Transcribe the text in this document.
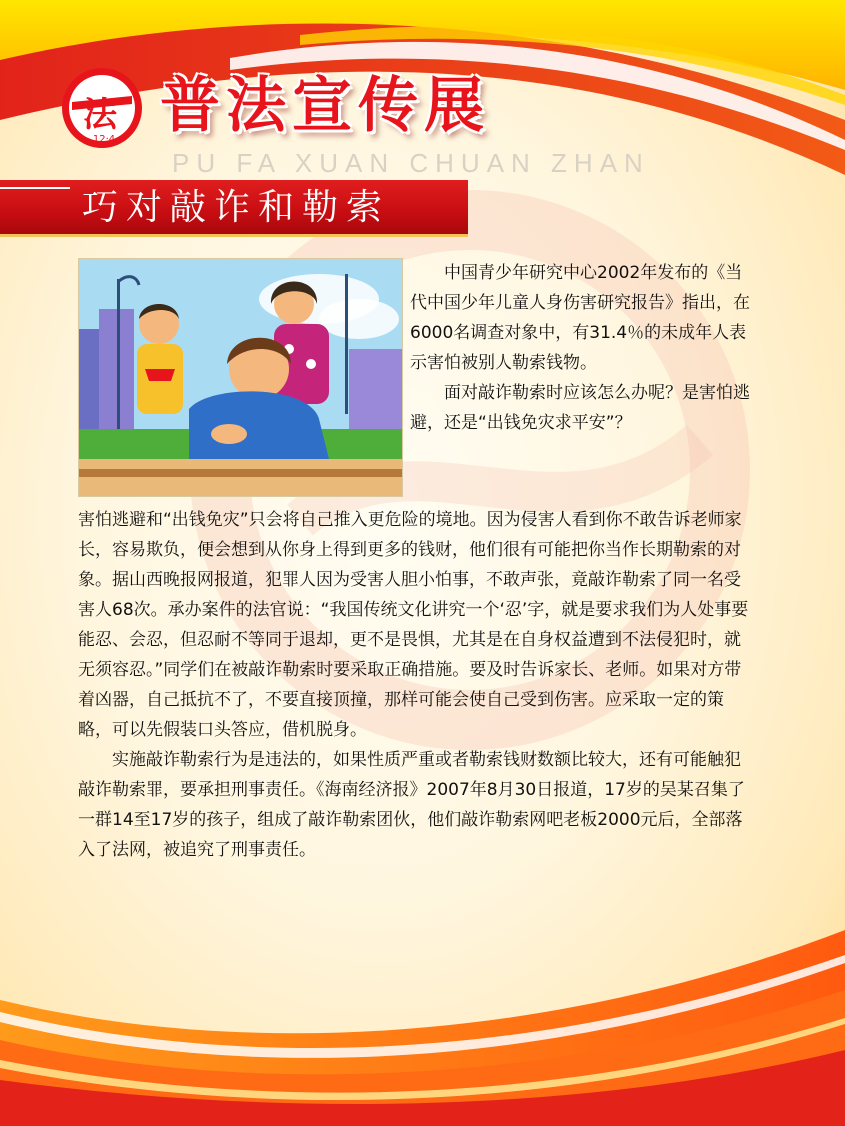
法
12·4 普法宣传展
PU FA XUAN CHUAN ZHAN
巧对敲诈和勒索

中国青少年研究中心2002年发布的《当代中国少年儿童人身伤害研究报告》指出，在6000名调查对象中，有31.4％的未成年人表示害怕被别人勒索钱物。

面对敲诈勒索时应该怎么办呢？是害怕逃避，还是“出钱免灾求平安”？

害怕逃避和“出钱免灾”只会将自己推入更危险的境地。因为侵害人看到你不敢告诉老师家长，容易欺负，便会想到从你身上得到更多的钱财，他们很有可能把你当作长期勒索的对象。据山西晚报网报道，犯罪人因为受害人胆小怕事，不敢声张，竟敲诈勒索了同一名受害人68次。承办案件的法官说：“我国传统文化讲究一个‘忍’字，就是要求我们为人处事要能忍、会忍，但忍耐不等同于退却，更不是畏惧，尤其是在自身权益遭到不法侵犯时，就无须容忍。”同学们在被敲诈勒索时要采取正确措施。要及时告诉家长、老师。如果对方带着凶器，自己抵抗不了，不要直接顶撞，那样可能会使自己受到伤害。应采取一定的策略，可以先假装口头答应，借机脱身。

实施敲诈勒索行为是违法的，如果性质严重或者勒索钱财数额比较大，还有可能触犯敲诈勒索罪，要承担刑事责任。《海南经济报》2007年8月30日报道，17岁的吴某召集了一群14至17岁的孩子，组成了敲诈勒索团伙，他们敲诈勒索网吧老板2000元后，全部落入了法网，被追究了刑事责任。
